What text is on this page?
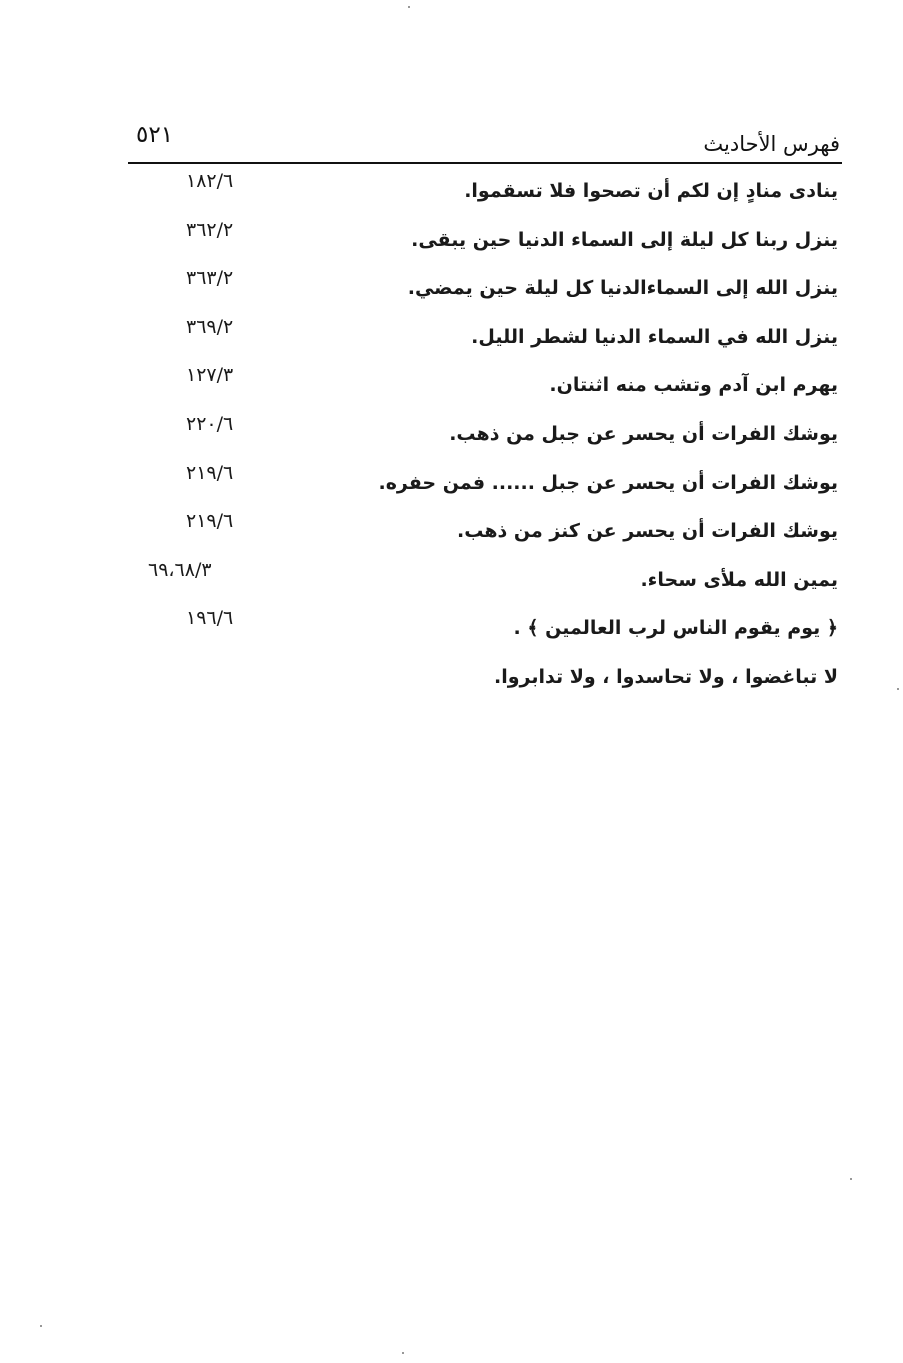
٥٢١	فهرس الأحاديث
ينادى منادٍ إن لكم أن تصحوا فلا تسقموا.
١٨٢/٦
ينزل ربنا كل ليلة إلى السماء الدنيا حين يبقى.
٣٦٢/٢
ينزل الله إلى السماءالدنيا كل ليلة حين يمضي.
٣٦٣/٢
ينزل الله في السماء الدنيا لشطر الليل.
٣٦٩/٢
يهرم ابن آدم وتشب منه اثنتان.
١٢٧/٣
يوشك الفرات أن يحسر عن جبل من ذهب.
٢٢٠/٦
يوشك الفرات أن يحسر عن جبل ...... فمن حفره.
٢١٩/٦
يوشك الفرات أن يحسر عن كنز من ذهب.
٢١٩/٦
يمين الله ملأى سحاء.
٦٩،٦٨/٣
﴿ يوم يقوم الناس لرب العالمين ﴾ .
١٩٦/٦
لا تباغضوا ، ولا تحاسدوا ، ولا تدابروا.
